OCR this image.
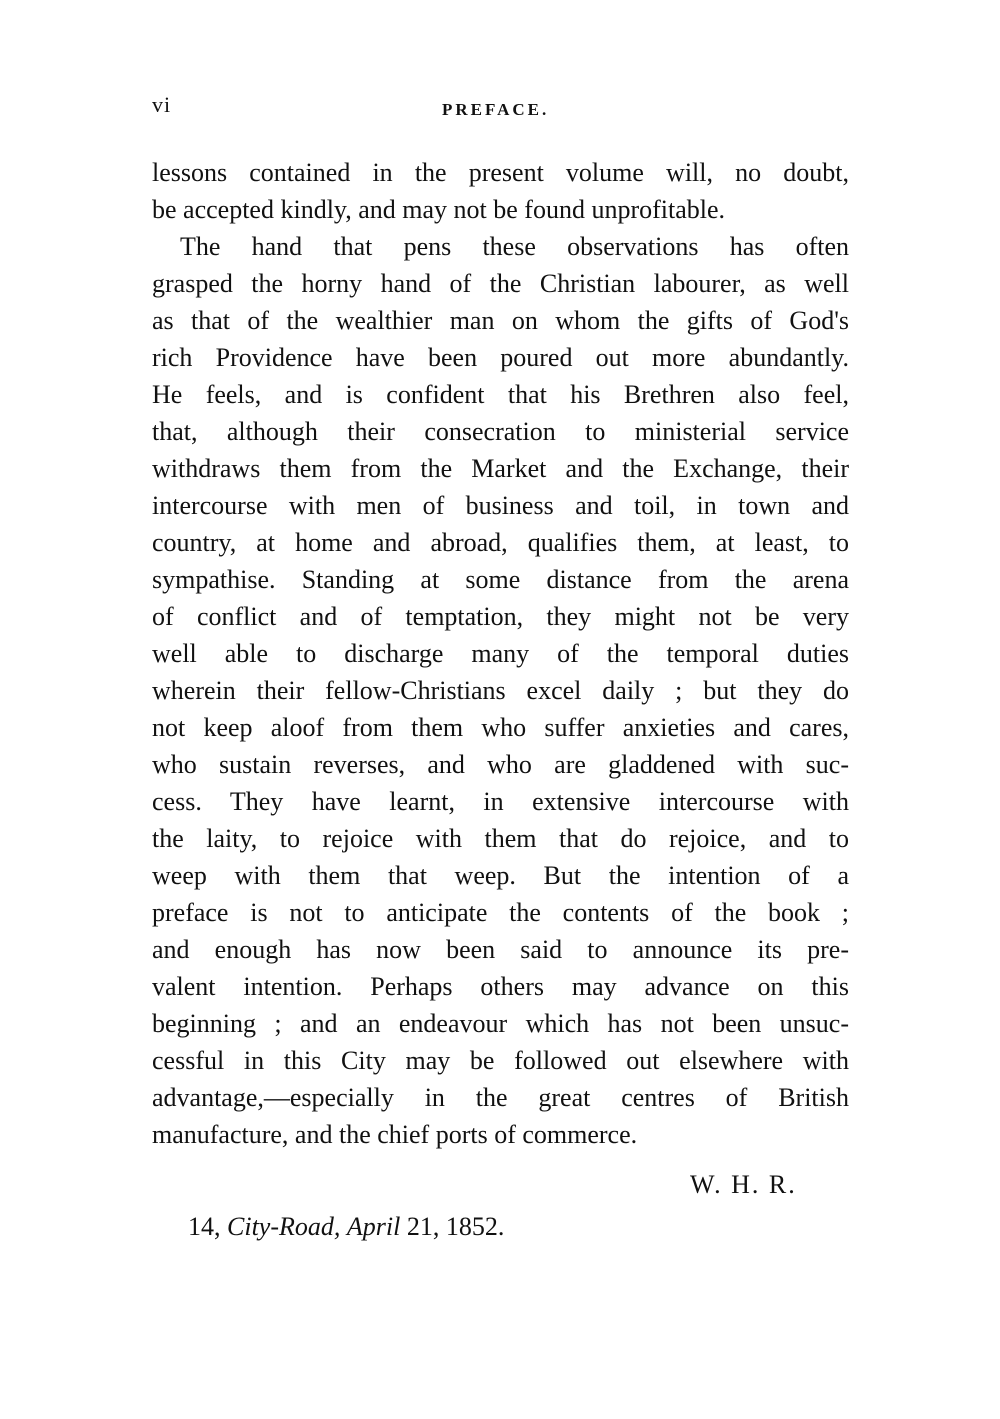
vi	PREFACE.
lessons contained in the present volume will, no doubt,
be accepted kindly, and may not be found unprofitable.
The hand that pens these observations has often
grasped the horny hand of the Christian labourer, as well
as that of the wealthier man on whom the gifts of God's
rich Providence have been poured out more abundantly.
He feels, and is confident that his Brethren also feel,
that, although their consecration to ministerial service
withdraws them from the Market and the Exchange, their
intercourse with men of business and toil, in town and
country, at home and abroad, qualifies them, at least, to
sympathise. Standing at some distance from the arena
of conflict and of temptation, they might not be very
well able to discharge many of the temporal duties
wherein their fellow-Christians excel daily ; but they do
not keep aloof from them who suffer anxieties and cares,
who sustain reverses, and who are gladdened with suc-
cess. They have learnt, in extensive intercourse with
the laity, to rejoice with them that do rejoice, and to
weep with them that weep. But the intention of a
preface is not to anticipate the contents of the book ;
and enough has now been said to announce its pre-
valent intention. Perhaps others may advance on this
beginning ; and an endeavour which has not been unsuc-
cessful in this City may be followed out elsewhere with
advantage,—especially in the great centres of British
manufacture, and the chief ports of commerce.
W. H. R.
14, City-Road, April 21, 1852.
